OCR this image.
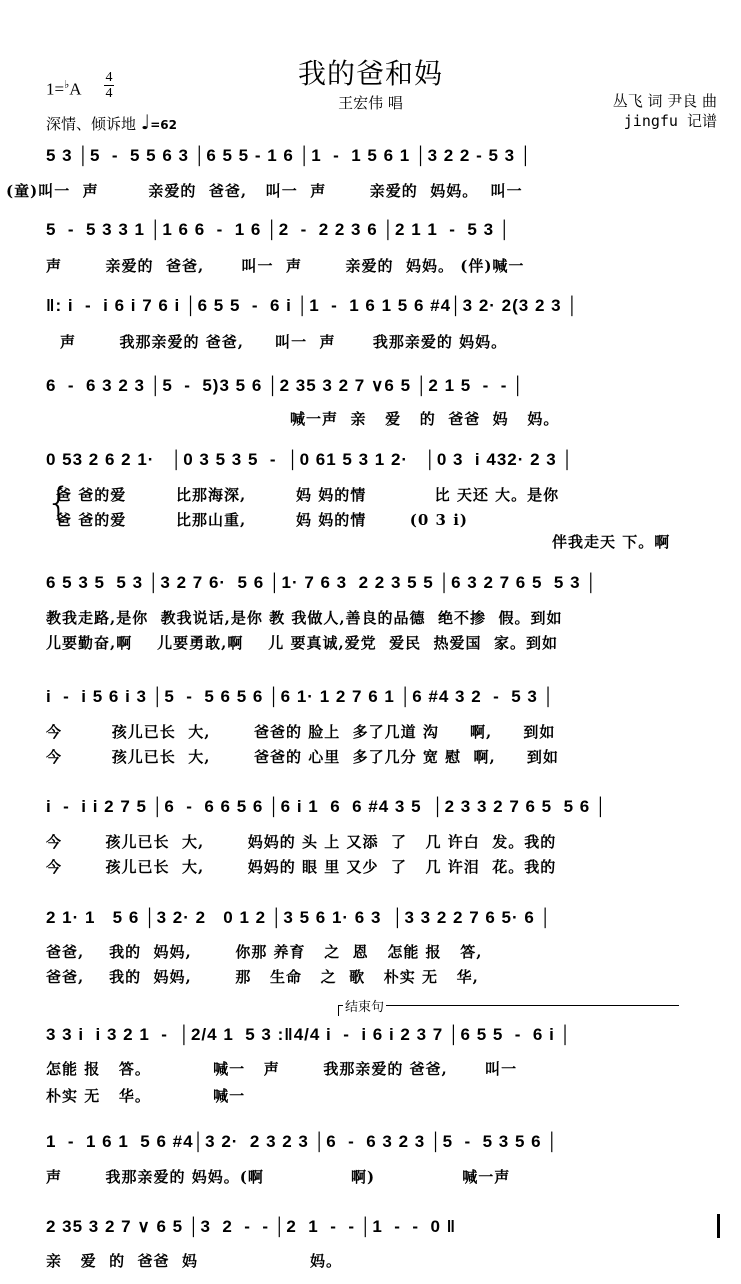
我的爸和妈
王宏伟 唱
1=♭A
4
4
深情、倾诉地 ♩=62
丛飞 词 尹良 曲
jingfu 记谱
5 3 │5  -  5 5 6 3 │6 5 5 - 1 6 │1  -  1 5 6 1 │3 2 2 - 5 3 │
(童)叫一  声        亲爱的  爸爸,   叫一  声       亲爱的  妈妈。  叫一
5  -  5 3 3 1 │1 6 6  -  1 6 │2  -  2 2 3 6 │2 1 1  -  5 3 │
声       亲爱的  爸爸,      叫一  声       亲爱的  妈妈。 (伴)喊一
‖: i  -  i 6 i 7 6 i │6 5 5  -  6 i │1  -  1 6 1 5 6 #4│3 2· 2(3 2 3 │
声       我那亲爱的 爸爸,     叫一  声      我那亲爱的 妈妈。
6  -  6 3 2 3 │5  -  5)3 5 6 │2 35 3 2 7 ∨6 5 │2 1 5  -  - │
喊一声  亲   爱   的  爸爸  妈   妈。
0 53 2 6 2 1·   │0 3 5 3 5  -  │0 61 5 3 1 2·   │0 3  i 432· 2 3 │
爸 爸的爱        比那海深,        妈 妈的情           比 天还 大。是你
爸 爸的爱        比那山重,        妈 妈的情       (0 3 i)
伴我走天 下。啊
{
6 5 3 5  5 3 │3 2 7 6·  5 6 │1· 7 6 3  2 2 3 5 5 │6 3 2 7 6 5  5 3 │
教我走路,是你  教我说话,是你 教 我做人,善良的品德  绝不掺  假。到如
儿要勤奋,啊    儿要勇敢,啊    儿 要真诚,爱党  爱民  热爱国  家。到如
i  -  i 5 6 i 3 │5  -  5 6 5 6 │6 1· 1 2 7 6 1 │6 #4 3 2  -  5 3 │
今        孩儿已长  大,       爸爸的 脸上  多了几道 沟     啊,     到如
今        孩儿已长  大,       爸爸的 心里  多了几分 宽 慰  啊,     到如
i  -  i i 2 7 5 │6  -  6 6 5 6 │6 i 1  6  6 #4 3 5  │2 3 3 2 7 6 5  5 6 │
今       孩儿已长  大,       妈妈的 头 上 又添  了   几 许白  发。我的
今       孩儿已长  大,       妈妈的 眼 里 又少  了   几 许泪  花。我的
2 1· 1   5 6 │3 2· 2   0 1 2 │3 5 6 1· 6 3  │3 3 2 2 7 6 5· 6 │
爸爸,    我的  妈妈,       你那 养育   之  恩   怎能 报   答,
爸爸,    我的  妈妈,       那   生命   之  歌   朴实 无   华,
结束句
3 3 i  i 3 2 1  -  │2/4 1  5 3 :‖4/4 i  -  i 6 i 2 3 7 │6 5 5  -  6 i │
怎能 报   答。          喊一   声       我那亲爱的 爸爸,      叫一
朴实 无   华。          喊一
1  -  1 6 1  5 6 #4│3 2·  2 3 2 3 │6  -  6 3 2 3 │5  -  5 3 5 6 │
声       我那亲爱的 妈妈。(啊              啊)              喊一声
2 35 3 2 7 ∨ 6 5 │3  2  -  - │2  1  -  - │1  -  -  0 ‖
亲   爱  的  爸爸  妈                  妈。
